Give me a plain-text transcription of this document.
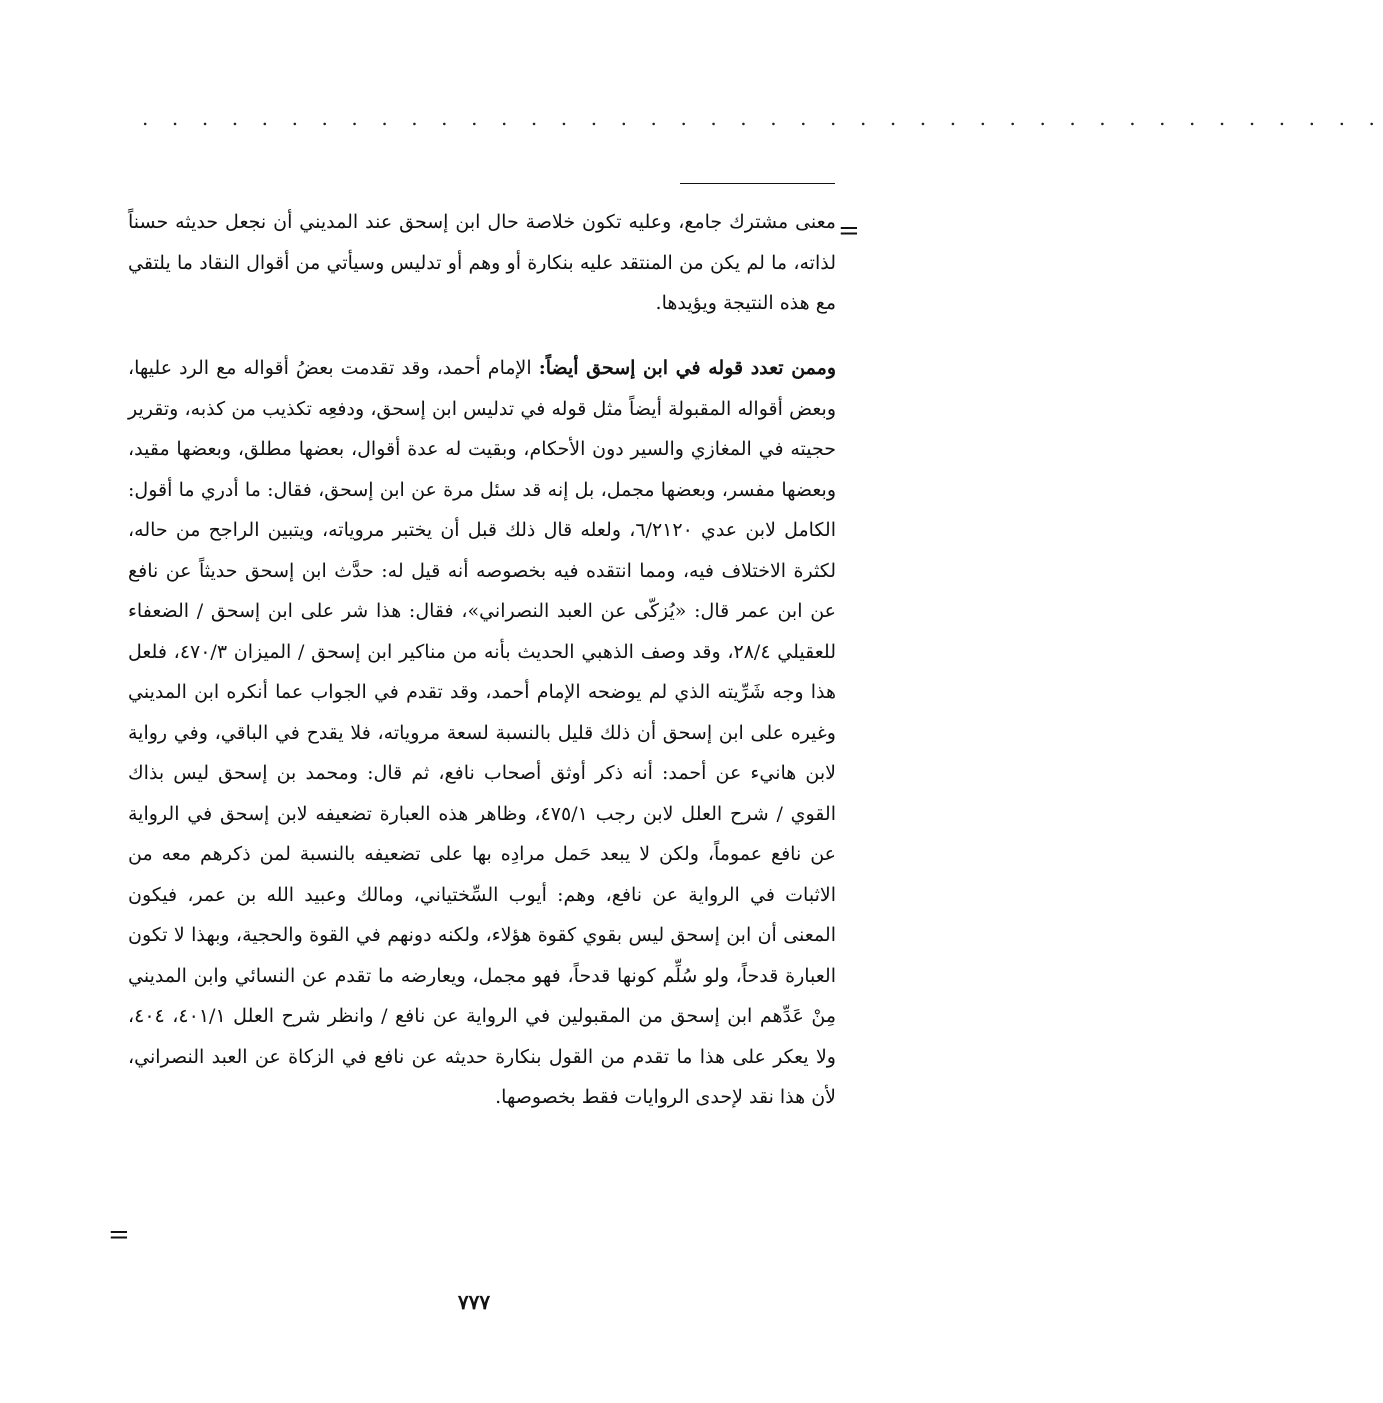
. . . . . . . . . . . . . . . . . . . . . . . . . . . . . . . . . . . . . . . . . .
=

معنى مشترك جامع، وعليه تكون خلاصة حال ابن إسحق عند المديني أن نجعل حديثه حسناً لذاته، ما لم يكن من المنتقد عليه بنكارة أو وهم أو تدليس وسيأتي من أقوال النقاد ما يلتقي مع هذه النتيجة ويؤيدها.

وممن تعدد قوله في ابن إسحق أيضاً: الإمام أحمد، وقد تقدمت بعضُ أقواله مع الرد عليها، وبعض أقواله المقبولة أيضاً مثل قوله في تدليس ابن إسحق، ودفعِه تكذيب من كذبه، وتقرير حجيته في المغازي والسير دون الأحكام، وبقيت له عدة أقوال، بعضها مطلق، وبعضها مقيد، وبعضها مفسر، وبعضها مجمل، بل إنه قد سئل مرة عن ابن إسحق، فقال: ما أدري ما أقول: الكامل لابن عدي ٦/٢١٢٠، ولعله قال ذلك قبل أن يختبر مروياته، ويتبين الراجح من حاله، لكثرة الاختلاف فيه، ومما انتقده فيه بخصوصه أنه قيل له: حدَّث ابن إسحق حديثاً عن نافع عن ابن عمر قال: «يُزكّى عن العبد النصراني»، فقال: هذا شر على ابن إسحق / الضعفاء للعقيلي ٢٨/٤، وقد وصف الذهبي الحديث بأنه من مناكير ابن إسحق / الميزان ٤٧٠/٣، فلعل هذا وجه شَرِّيته الذي لم يوضحه الإمام أحمد، وقد تقدم في الجواب عما أنكره ابن المديني وغيره على ابن إسحق أن ذلك قليل بالنسبة لسعة مروياته، فلا يقدح في الباقي، وفي رواية لابن هانيء عن أحمد: أنه ذكر أوثق أصحاب نافع، ثم قال: ومحمد بن إسحق ليس بذاك القوي / شرح العلل لابن رجب ٤٧٥/١، وظاهر هذه العبارة تضعيفه لابن إسحق في الرواية عن نافع عموماً، ولكن لا يبعد حَمل مرادِه بها على تضعيفه بالنسبة لمن ذكرهم معه من الاثبات في الرواية عن نافع، وهم: أيوب السِّختياني، ومالك وعبيد الله بن عمر، فيكون المعنى أن ابن إسحق ليس بقوي كقوة هؤلاء، ولكنه دونهم في القوة والحجية، وبهذا لا تكون العبارة قدحاً، ولو سُلِّم كونها قدحاً، فهو مجمل، ويعارضه ما تقدم عن النسائي وابن المديني مِنْ عَدِّهم ابن إسحق من المقبولين في الرواية عن نافع / وانظر شرح العلل ٤٠١/١، ٤٠٤، ولا يعكر على هذا ما تقدم من القول بنكارة حديثه عن نافع في الزكاة عن العبد النصراني، لأن هذا نقد لإحدى الروايات فقط بخصوصها.

=
٧٧٧
